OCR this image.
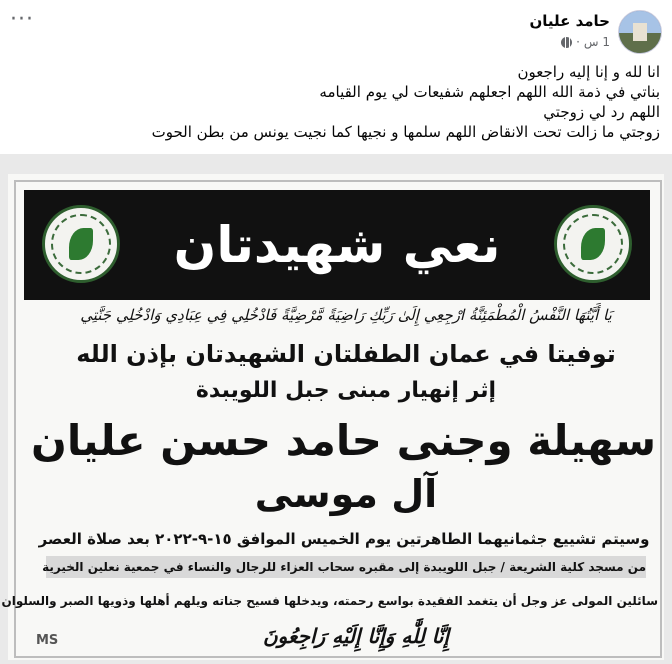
···	حامد عليان
1 س
·
انا لله و إنا إليه راجعون
بناتي في ذمة الله اللهم اجعلهم شفيعات لي يوم القيامه
اللهم رد لي زوجتي
زوجتي ما زالت تحت الانقاض اللهم سلمها و نجيها كما نجيت يونس من بطن الحوت
نعي شهيدتان
يَا أَيَّتُهَا النَّفْسُ الْمُطْمَئِنَّةُ ارْجِعِي إِلَىٰ رَبِّكِ رَاضِيَةً مَّرْضِيَّةً فَادْخُلِي فِي عِبَادِي وَادْخُلِي جَنَّتِي
توفيتا في عمان الطفلتان الشهيدتان بإذن الله
إثر إنهيار مبنى جبل اللويبدة
سهيلة وجنى حامد حسن عليان
آل موسى
وسيتم تشييع جثمانيهما الطاهرتين يوم الخميس الموافق ١٥-٩-٢٠٢٢ بعد صلاة العصر
من مسجد كلية الشريعة / جبل اللويبدة إلى مقبره سحاب العزاء للرجال والنساء في جمعية نعلين الخيرية
سائلين المولى عز وجل أن يتغمد الفقيدة بواسع رحمته، ويدخلها فسيح جناته ويلهم أهلها وذويها الصبر والسلوان
إِنَّا لِلَّٰهِ وَإِنَّا إِلَيْهِ رَاجِعُونَ
MS
